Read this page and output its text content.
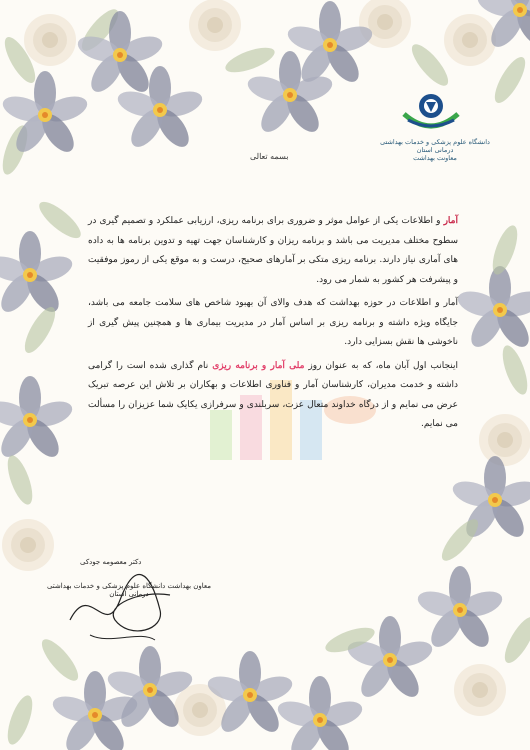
دانشگاه علوم پزشکی و خدمات بهداشتی درمانی استان
معاونت بهداشت
بسمه تعالی

آمار و اطلاعات یکی از عوامل موثر و ضروری برای برنامه ریزی، ارزیابی عملکرد و تصمیم گیری در سطوح مختلف مدیریت می باشد و برنامه ریزان و کارشناسان جهت تهیه و تدوین برنامه ها به داده های آماری نیاز دارند. برنامه ریزی متکی بر آمارهای صحیح، درست و به موقع یکی از رموز موفقیت و پیشرفت هر کشور به شمار می رود.

آمار و اطلاعات در حوزه بهداشت که هدف والای آن بهبود شاخص های سلامت جامعه می باشد، جایگاه ویژه داشته و برنامه ریزی بر اساس آمار در مدیریت بیماری ها و همچنین پیش گیری از ناخوشی ها نقش بسزایی دارد.

اینجانب اول آبان ماه، که به عنوان روز ملی آمار و برنامه ریزی نام گذاری شده است را گرامی داشته و خدمت مدیران، کارشناسان آمار و فناوری اطلاعات و بهکاران بر تلاش این عرصه تبریک عرض می نمایم و از درگاه خداوند متعال عزت، سربلندی و سرفرازی یکایک شما عزیزان را مسألت می نمایم.

دکتر معصومه جودکی
معاون بهداشت دانشگاه علوم پزشکی و خدمات بهداشتی درمانی استان
